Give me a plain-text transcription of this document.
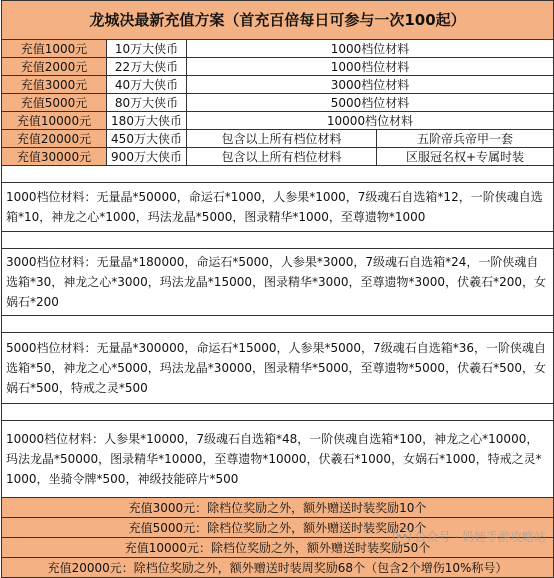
龙城决最新充值方案（首充百倍每日可参与一次100起）			
充值1000元	10万大侠币	1000档位材料	
充值2000元	22万大侠币	1000档位材料	
充值3000元	40万大侠币	3000档位材料	
充值5000元	80万大侠币	5000档位材料	
充值10000元	180万大侠币	10000档位材料	
充值20000元	450万大侠币	包含以上所有档位材料	五阶帝兵帝甲一套
充值30000元	900万大侠币	包含以上所有档位材料	区服冠名权+专属时装

1000档位材料：无量晶*50000，命运石*1000，人参果*1000，7级魂石自选箱*12，一阶侠魂自选箱*10，神龙之心*1000，玛法龙晶*5000，图录精华*1000，至尊遗物*1000			

3000档位材料：无量晶*180000，命运石*5000，人参果*3000，7级魂石自选箱*24，一阶侠魂自选箱*30，神龙之心*3000，玛法龙晶*15000，图录精华*3000，至尊遗物*3000，伏羲石*200，女娲石*200			

5000档位材料：无量晶*300000，命运石*15000，人参果*5000，7级魂石自选箱*36，一阶侠魂自选箱*50，神龙之心*5000，玛法龙晶*30000，图录精华*5000，至尊遗物*5000，伏羲石*500，女娲石*500，特戒之灵*500			

10000档位材料：人参果*10000，7级魂石自选箱*48，一阶侠魂自选箱*100，神龙之心*10000，玛法龙晶*50000，图录精华*10000，至尊遗物*10000，伏羲石*1000，女娲石*1000，特戒之灵*1000，坐骑令牌*500，神级技能碎片*500			
充值3000元：除档位奖励之外，额外赠送时装奖励10个			
充值5000元：除档位奖励之外，额外赠送时装奖励20个			
充值10000元：除档位奖励之外，额外赠送时装奖励50个			
充值20000元：除档位奖励之外，额外赠送时装周奖励68个（包含2个增伤10%称号）			
公众号 · 奶娃手游攻略站
